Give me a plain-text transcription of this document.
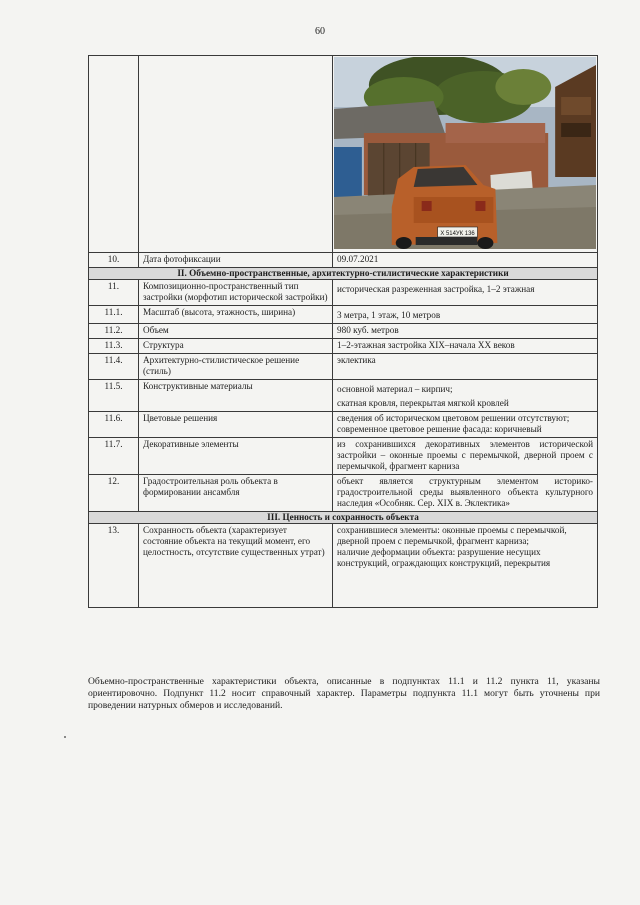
60

Х 514УК 136

10.	Дата фотофиксации	09.07.2021
II. Объемно-пространственные, архитектурно-стилистические характеристики		
11.	Композиционно-пространственный тип застройки (морфотип исторической застройки)	историческая разреженная застройка, 1–2 этажная
11.1.	Масштаб (высота, этажность, ширина)	3 метра, 1 этаж, 10 метров
11.2.	Объем	980 куб. метров
11.3.	Структура	1–2-этажная застройка XIX–начала XX веков
11.4.	Архитектурно-стилистическое решение (стиль)	эклектика
11.5.	Конструктивные материалы	основной материал – кирпич;
скатная кровля, перекрытая мягкой кровлей

11.6.	Цветовые решения	сведения об историческом цветовом решении отсутствуют;
современное цветовое решение фасада: коричневый

11.7.	Декоративные элементы	из сохранившихся декоративных элементов исторической застройки – оконные проемы с перемычкой, дверной проем с перемычкой, фрагмент карниза
12.	Градостроительная роль объекта в формировании ансамбля	объект является структурным элементом историко-градостроительной среды выявленного объекта культурного наследия «Особняк. Сер. XIX в. Эклектика»
III. Ценность и сохранность объекта		
13.	Сохранность объекта (характеризует состояние объекта на текущий момент, его целостность, отсутствие существенных утрат)	сохранившиеся элементы: оконные проемы с перемычкой, дверной проем с перемычкой, фрагмент карниза;
наличие деформации объекта: разрушение несущих конструкций, ограждающих конструкций, перекрытия
Объемно-пространственные характеристики объекта, описанные в подпунктах 11.1 и 11.2 пункта 11, указаны ориентировочно. Подпункт 11.2 носит справочный характер. Параметры подпункта 11.1 могут быть уточнены при проведении натурных обмеров и исследований.
